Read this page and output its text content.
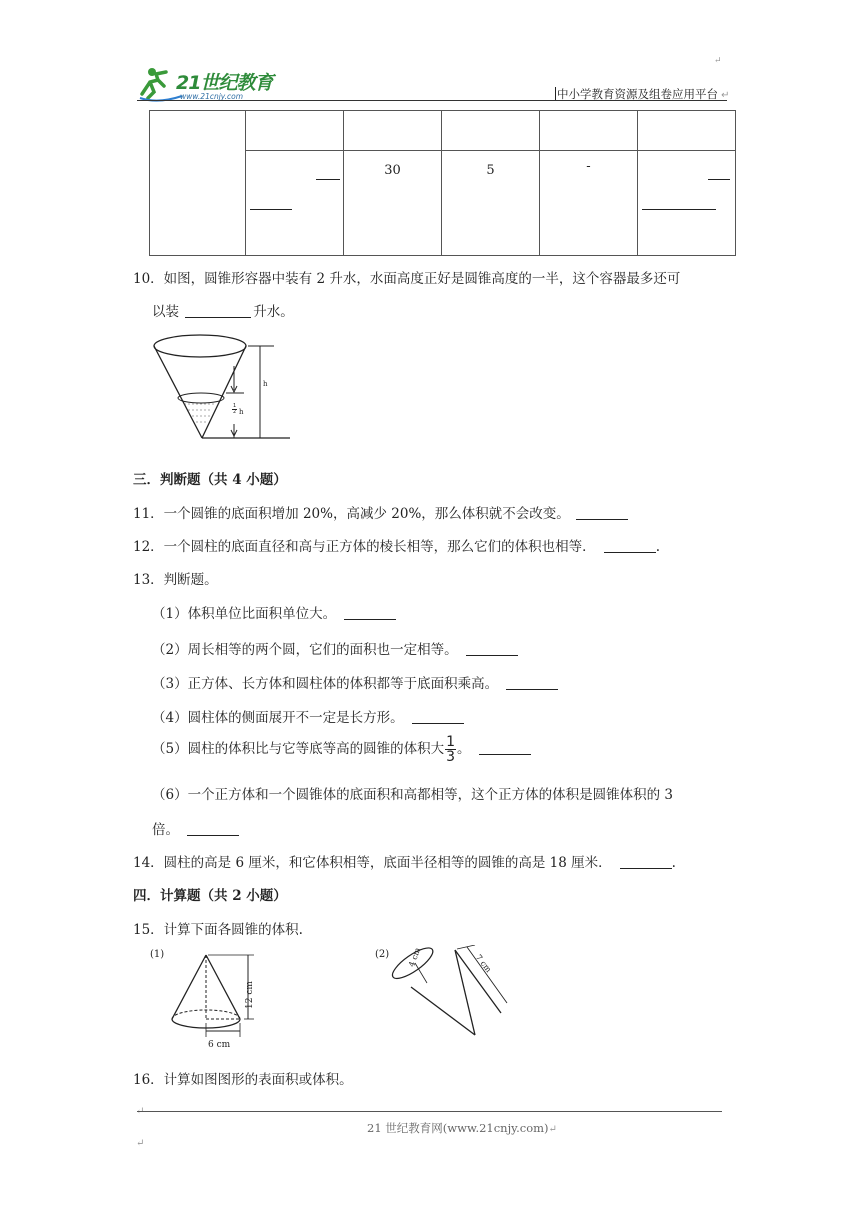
↵
21世纪教育
www.21cnjy.com	中小学教育资源及组卷应用平台 ↵

		30	5	-	
10．如图，圆锥形容器中装有 2 升水，水面高度正好是圆锥高度的一半，这个容器最多还可
以装	升水。
h
$\frac{1}{2}$ h
三．判断题（共 4 小题）
11．一个圆锥的底面积增加 20%，高减少 20%，那么体积就不会改变。
12．一个圆柱的底面直径和高与正方体的棱长相等，那么它们的体积也相等．	.
13．判断题。
（1）体积单位比面积单位大。
（2）周长相等的两个圆，它们的面积也一定相等。
（3）正方体、长方体和圆柱体的体积都等于底面积乘高。
（4）圆柱体的侧面展开不一定是长方形。
（5）圆柱的体积比与它等底等高的圆锥的体积大 $\frac{1}{3}$ 。
（6）一个正方体和一个圆锥体的底面积和高都相等，这个正方体的体积是圆锥体积的 3
倍。
14．圆柱的高是 6 厘米，和它体积相等，底面半径相等的圆锥的高是 18 厘米．	.
四．计算题（共 2 小题）
15．计算下面各圆锥的体积.
(1)
12 cm
6 cm
(2) 4 cm	7 cm
16．计算如图图形的表面积或体积。
↵
21 世纪教育网(www.21cnjy.com)↵
↵
